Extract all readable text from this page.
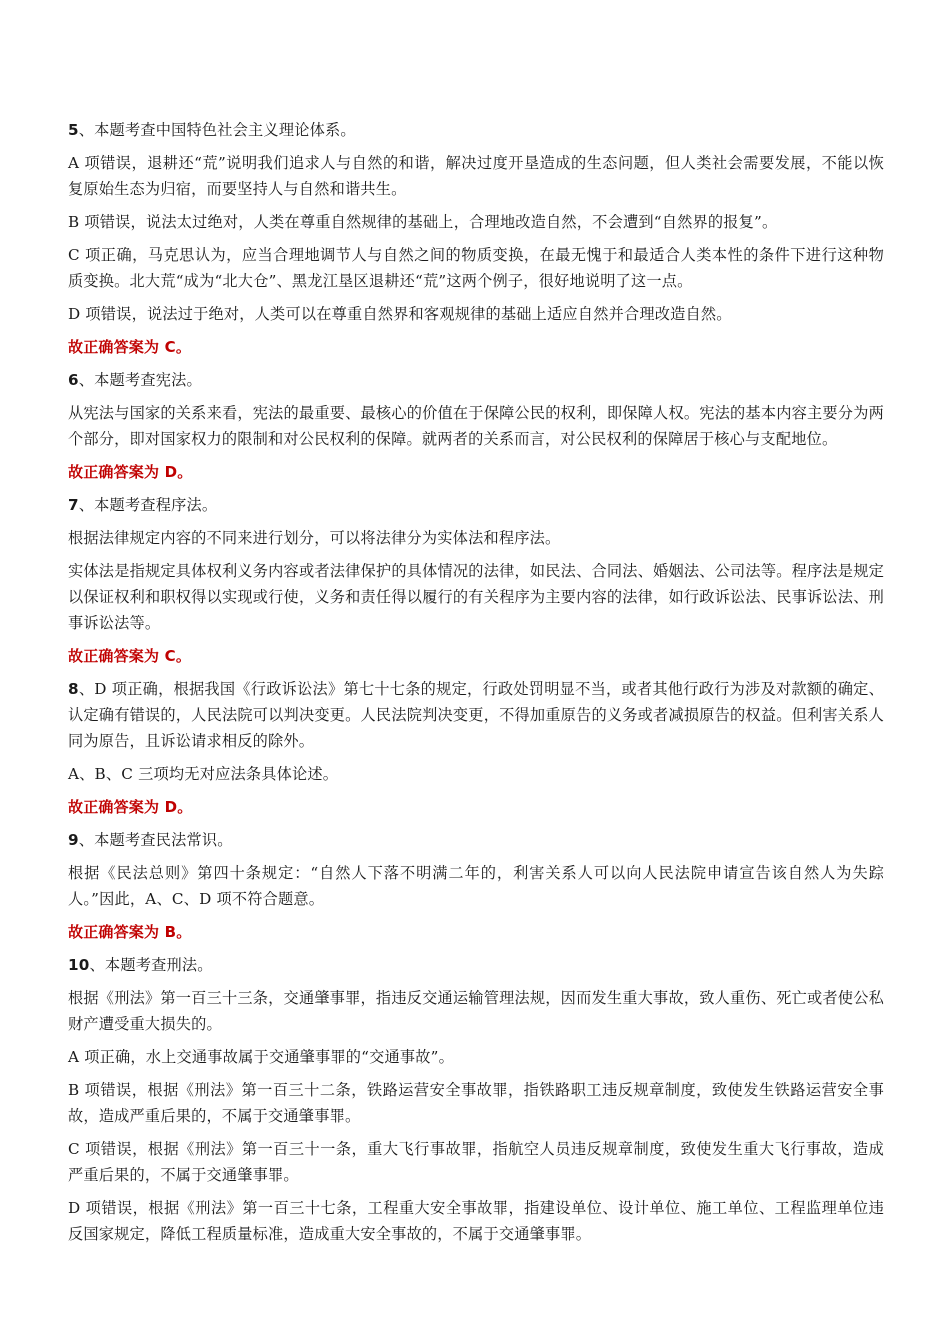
5、本题考查中国特色社会主义理论体系。

A 项错误，退耕还“荒”说明我们追求人与自然的和谐，解决过度开垦造成的生态问题，但人类社会需要发展，不能以恢复原始生态为归宿，而要坚持人与自然和谐共生。

B 项错误，说法太过绝对，人类在尊重自然规律的基础上，合理地改造自然，不会遭到“自然界的报复”。

C 项正确，马克思认为，应当合理地调节人与自然之间的物质变换，在最无愧于和最适合人类本性的条件下进行这种物质变换。北大荒“成为“北大仓”、黑龙江垦区退耕还“荒”这两个例子，很好地说明了这一点。

D 项错误，说法过于绝对，人类可以在尊重自然界和客观规律的基础上适应自然并合理改造自然。

故正确答案为 C。

6、本题考查宪法。

从宪法与国家的关系来看，宪法的最重要、最核心的价值在于保障公民的权利，即保障人权。宪法的基本内容主要分为两个部分，即对国家权力的限制和对公民权利的保障。就两者的关系而言，对公民权利的保障居于核心与支配地位。

故正确答案为 D。

7、本题考查程序法。

根据法律规定内容的不同来进行划分，可以将法律分为实体法和程序法。

实体法是指规定具体权利义务内容或者法律保护的具体情况的法律，如民法、合同法、婚姻法、公司法等。程序法是规定以保证权利和职权得以实现或行使，义务和责任得以履行的有关程序为主要内容的法律，如行政诉讼法、民事诉讼法、刑事诉讼法等。

故正确答案为 C。

8、D 项正确，根据我国《行政诉讼法》第七十七条的规定，行政处罚明显不当，或者其他行政行为涉及对款额的确定、认定确有错误的，人民法院可以判决变更。人民法院判决变更，不得加重原告的义务或者减损原告的权益。但利害关系人同为原告，且诉讼请求相反的除外。

A、B、C 三项均无对应法条具体论述。

故正确答案为 D。

9、本题考查民法常识。

根据《民法总则》第四十条规定：“自然人下落不明满二年的，利害关系人可以向人民法院申请宣告该自然人为失踪人。”因此，A、C、D 项不符合题意。

故正确答案为 B。

10、本题考查刑法。

根据《刑法》第一百三十三条，交通肇事罪，指违反交通运输管理法规，因而发生重大事故，致人重伤、死亡或者使公私财产遭受重大损失的。

A 项正确，水上交通事故属于交通肇事罪的“交通事故”。

B 项错误，根据《刑法》第一百三十二条，铁路运营安全事故罪，指铁路职工违反规章制度，致使发生铁路运营安全事故，造成严重后果的，不属于交通肇事罪。

C 项错误，根据《刑法》第一百三十一条，重大飞行事故罪，指航空人员违反规章制度，致使发生重大飞行事故，造成严重后果的，不属于交通肇事罪。

D 项错误，根据《刑法》第一百三十七条，工程重大安全事故罪，指建设单位、设计单位、施工单位、工程监理单位违反国家规定，降低工程质量标准，造成重大安全事故的，不属于交通肇事罪。
